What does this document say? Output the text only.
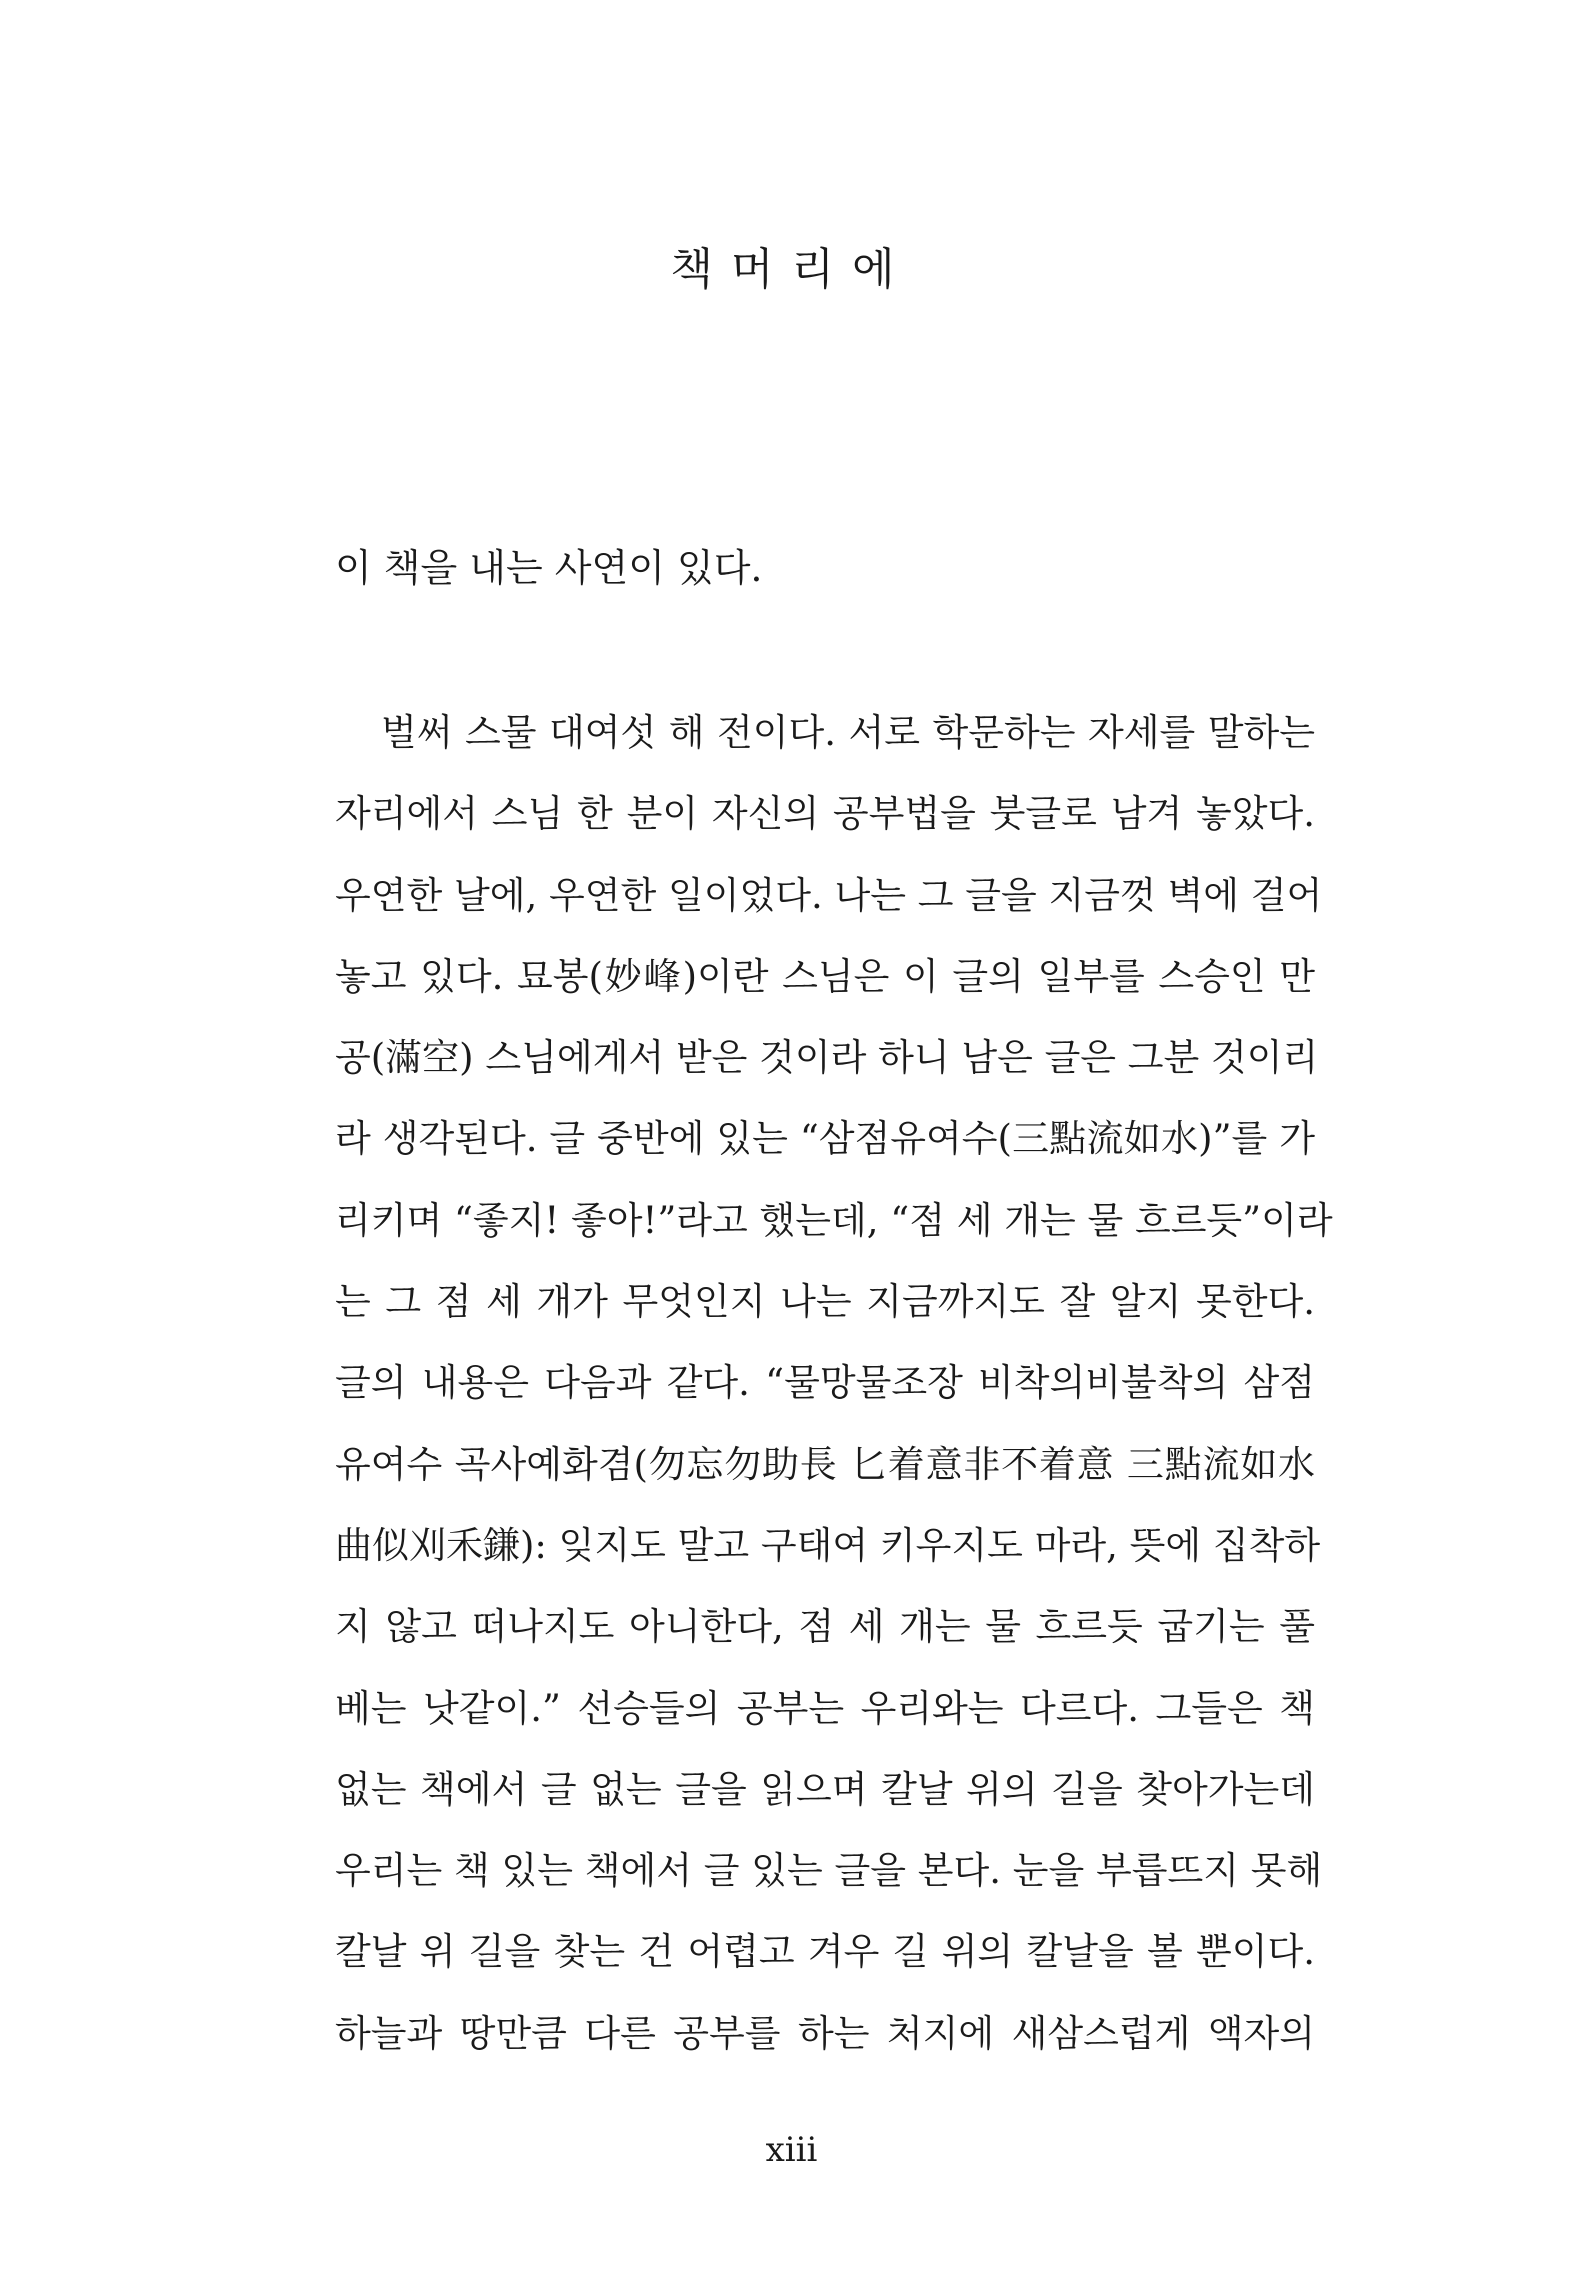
책머리에

이 책을 내는 사연이 있다.

벌써 스물 대여섯 해 전이다. 서로 학문하는 자세를 말하는
자리에서 스님 한 분이 자신의 공부법을 붓글로 남겨 놓았다.
우연한 날에, 우연한 일이었다. 나는 그 글을 지금껏 벽에 걸어
놓고 있다. 묘봉(妙峰)이란 스님은 이 글의 일부를 스승인 만
공(滿空) 스님에게서 받은 것이라 하니 남은 글은 그분 것이리
라 생각된다. 글 중반에 있는 “삼점유여수(三點流如水)”를 가
리키며 “좋지! 좋아!”라고 했는데, “점 세 개는 물 흐르듯”이라
는 그 점 세 개가 무엇인지 나는 지금까지도 잘 알지 못한다.
글의 내용은 다음과 같다. “물망물조장 비착의비불착의 삼점
유여수 곡사예화겸(勿忘勿助長 匕着意非不着意 三點流如水
曲似刈禾鎌): 잊지도 말고 구태여 키우지도 마라, 뜻에 집착하
지 않고 떠나지도 아니한다, 점 세 개는 물 흐르듯 굽기는 풀
베는 낫같이.” 선승들의 공부는 우리와는 다르다. 그들은 책
없는 책에서 글 없는 글을 읽으며 칼날 위의 길을 찾아가는데
우리는 책 있는 책에서 글 있는 글을 본다. 눈을 부릅뜨지 못해
칼날 위 길을 찾는 건 어렵고 겨우 길 위의 칼날을 볼 뿐이다.
하늘과 땅만큼 다른 공부를 하는 처지에 새삼스럽게 액자의
xiii
